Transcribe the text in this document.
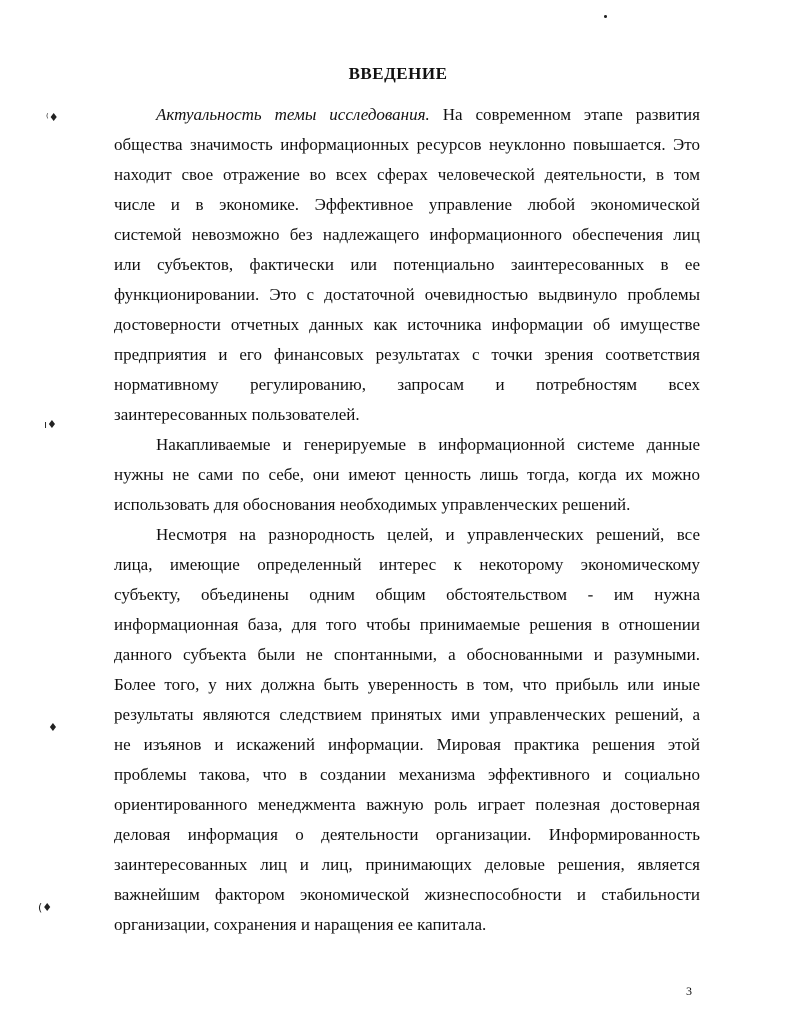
⁽♦
ı♦
♦
(♦
ВВЕДЕНИЕ

Актуальность темы исследования. На современном этапе развития
общества значимость информационных ресурсов неуклонно повышается. Это
находит свое отражение во всех сферах человеческой деятельности, в том
числе и в экономике. Эффективное управление любой экономической
системой невозможно без надлежащего информационного обеспечения лиц
или субъектов, фактически или потенциально заинтересованных в ее
функционировании. Это с достаточной очевидностью выдвинуло проблемы
достоверности отчетных данных как источника информации об имуществе
предприятия и его финансовых результатах с точки зрения соответствия
нормативному регулированию, запросам и потребностям всех
заинтересованных пользователей.

Накапливаемые и генерируемые в информационной системе данные
нужны не сами по себе, они имеют ценность лишь тогда, когда их можно
использовать для обоснования необходимых управленческих решений.

Несмотря на разнородность целей, и управленческих решений, все
лица, имеющие определенный интерес к некоторому экономическому
субъекту, объединены одним общим обстоятельством - им нужна
информационная база, для того чтобы принимаемые решения в отношении
данного субъекта были не спонтанными, а обоснованными и разумными.
Более того, у них должна быть уверенность в том, что прибыль или иные
результаты являются следствием принятых ими управленческих решений, а
не изъянов и искажений информации. Мировая практика решения этой
проблемы такова, что в создании механизма эффективного и социально
ориентированного менеджмента важную роль играет полезная достоверная
деловая информация о деятельности организации. Информированность
заинтересованных лиц и лиц, принимающих деловые решения, является
важнейшим фактором экономической жизнеспособности и стабильности
организации, сохранения и наращения ее капитала.

3
